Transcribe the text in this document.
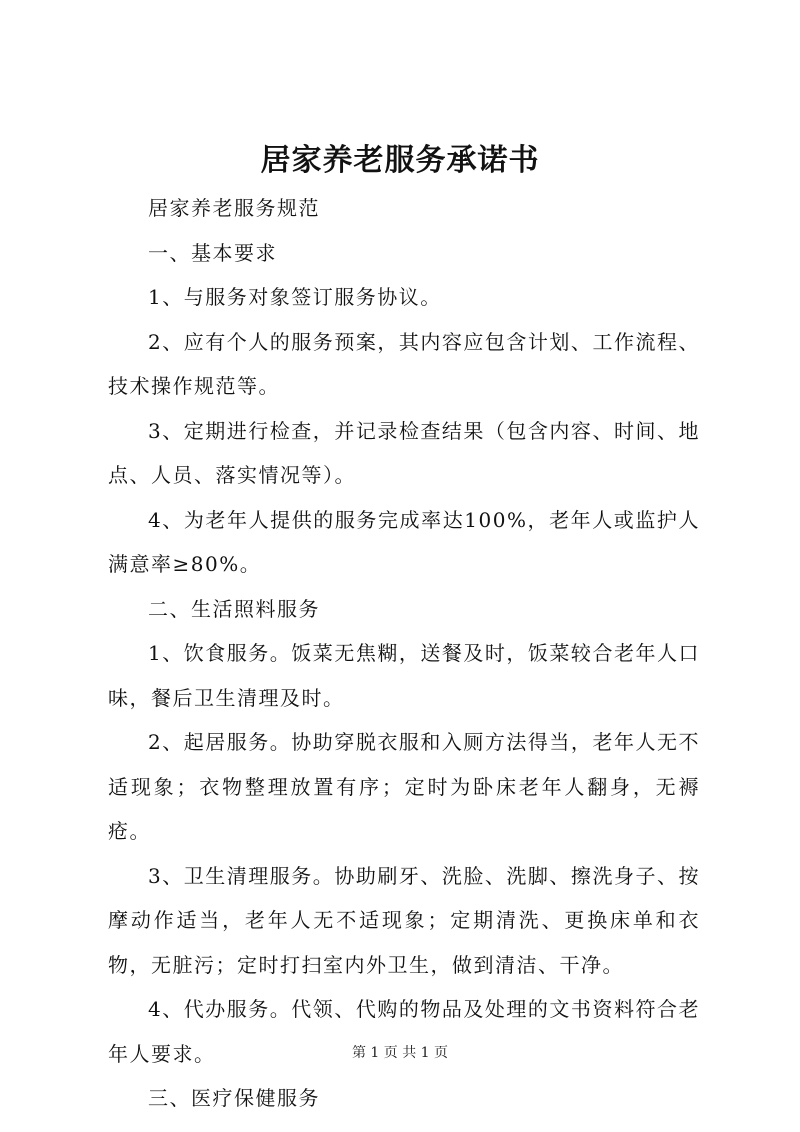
居家养老服务承诺书

居家养老服务规范

一、基本要求

1、与服务对象签订服务协议。

2、应有个人的服务预案，其内容应包含计划、工作流程、技术操作规范等。

3、定期进行检查，并记录检查结果（包含内容、时间、地点、人员、落实情况等）。

4、为老年人提供的服务完成率达100%，老年人或监护人满意率≥80%。

二、生活照料服务

1、饮食服务。饭菜无焦糊，送餐及时，饭菜较合老年人口味，餐后卫生清理及时。

2、起居服务。协助穿脱衣服和入厕方法得当，老年人无不适现象；衣物整理放置有序；定时为卧床老年人翻身，无褥疮。

3、卫生清理服务。协助刷牙、洗脸、洗脚、擦洗身子、按摩动作适当，老年人无不适现象；定期清洗、更换床单和衣物，无脏污；定时打扫室内外卫生，做到清洁、干净。

4、代办服务。代领、代购的物品及处理的文书资料符合老年人要求。

三、医疗保健服务

第 1 页 共 1 页
